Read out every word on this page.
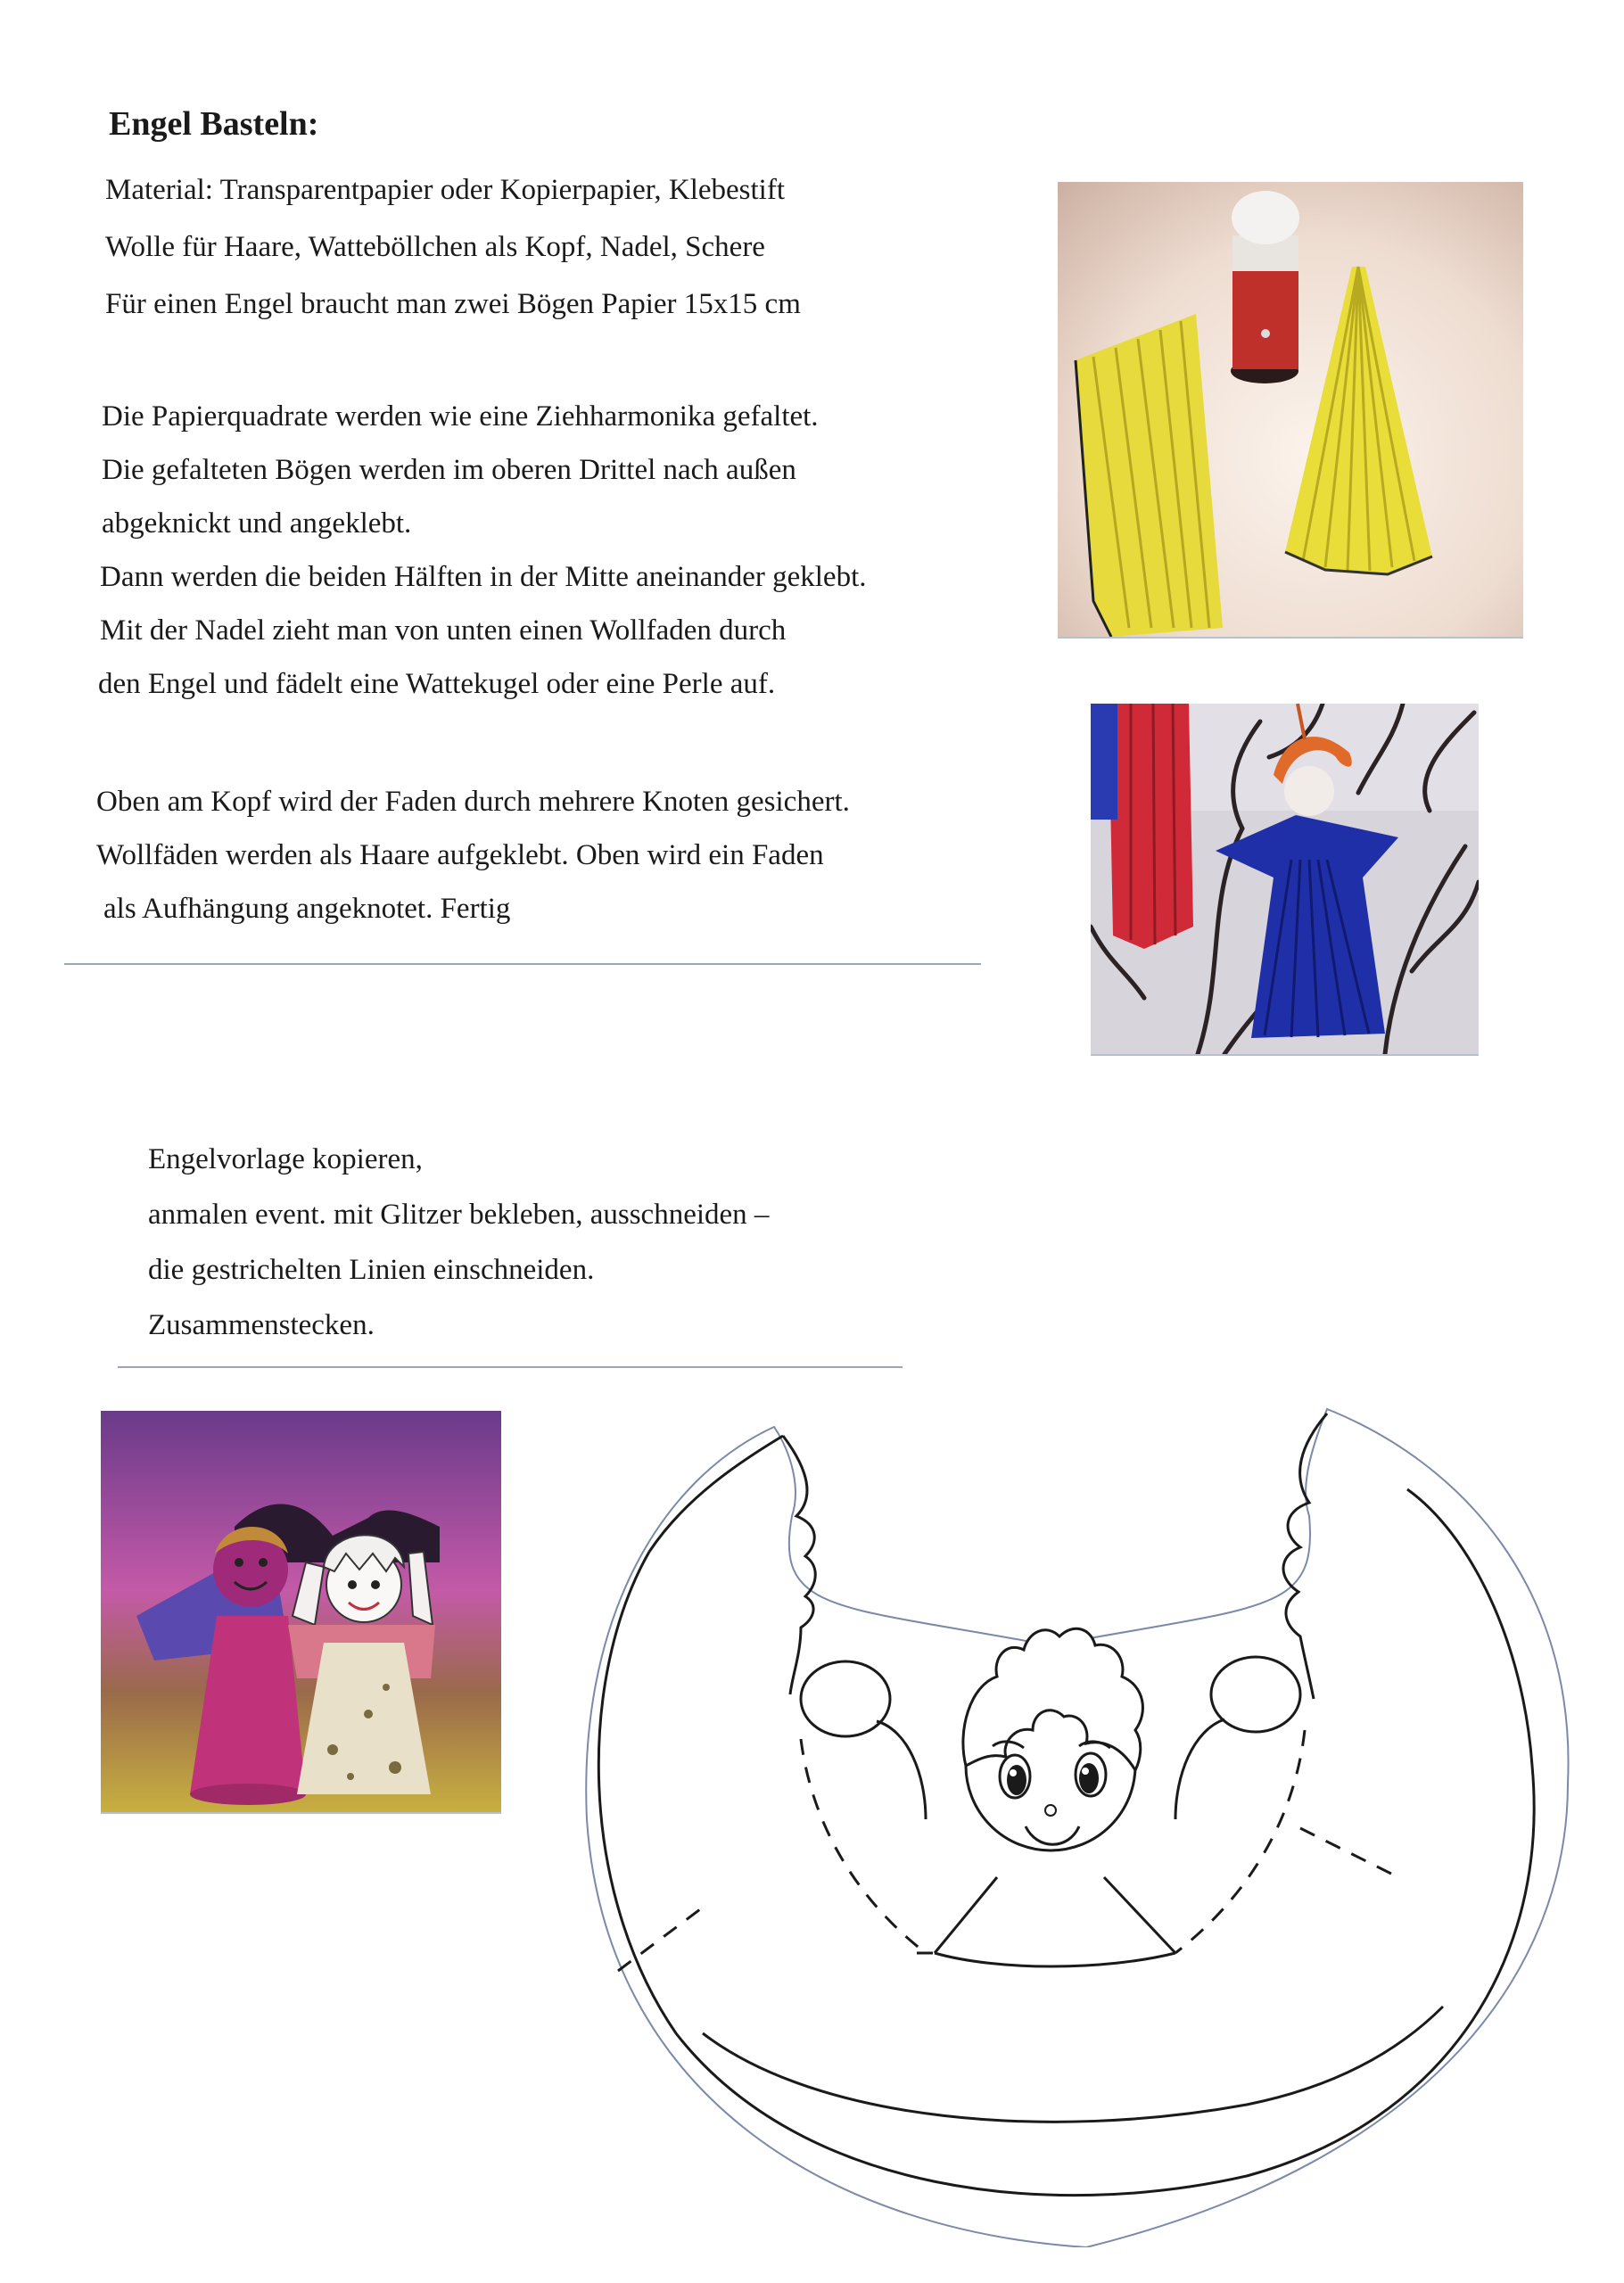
Engel Basteln:
Material: Transparentpapier oder Kopierpapier, Klebestift
Wolle für Haare, Watteböllchen als Kopf, Nadel, Schere
Für einen Engel braucht man zwei Bögen Papier 15x15 cm
Die Papierquadrate werden wie eine Ziehharmonika gefaltet.
Die gefalteten Bögen werden im oberen Drittel nach außen
abgeknickt und angeklebt.
Dann werden die beiden Hälften in der Mitte aneinander geklebt.
Mit der Nadel zieht man von unten einen Wollfaden durch
den Engel und fädelt eine Wattekugel oder eine Perle auf.
Oben am Kopf wird der Faden durch mehrere Knoten gesichert.
Wollfäden werden als Haare aufgeklebt. Oben wird ein Faden
als Aufhängung angeknotet. Fertig
Engelvorlage kopieren,
anmalen event. mit Glitzer bekleben, ausschneiden –
die gestrichelten Linien einschneiden.
Zusammenstecken.
